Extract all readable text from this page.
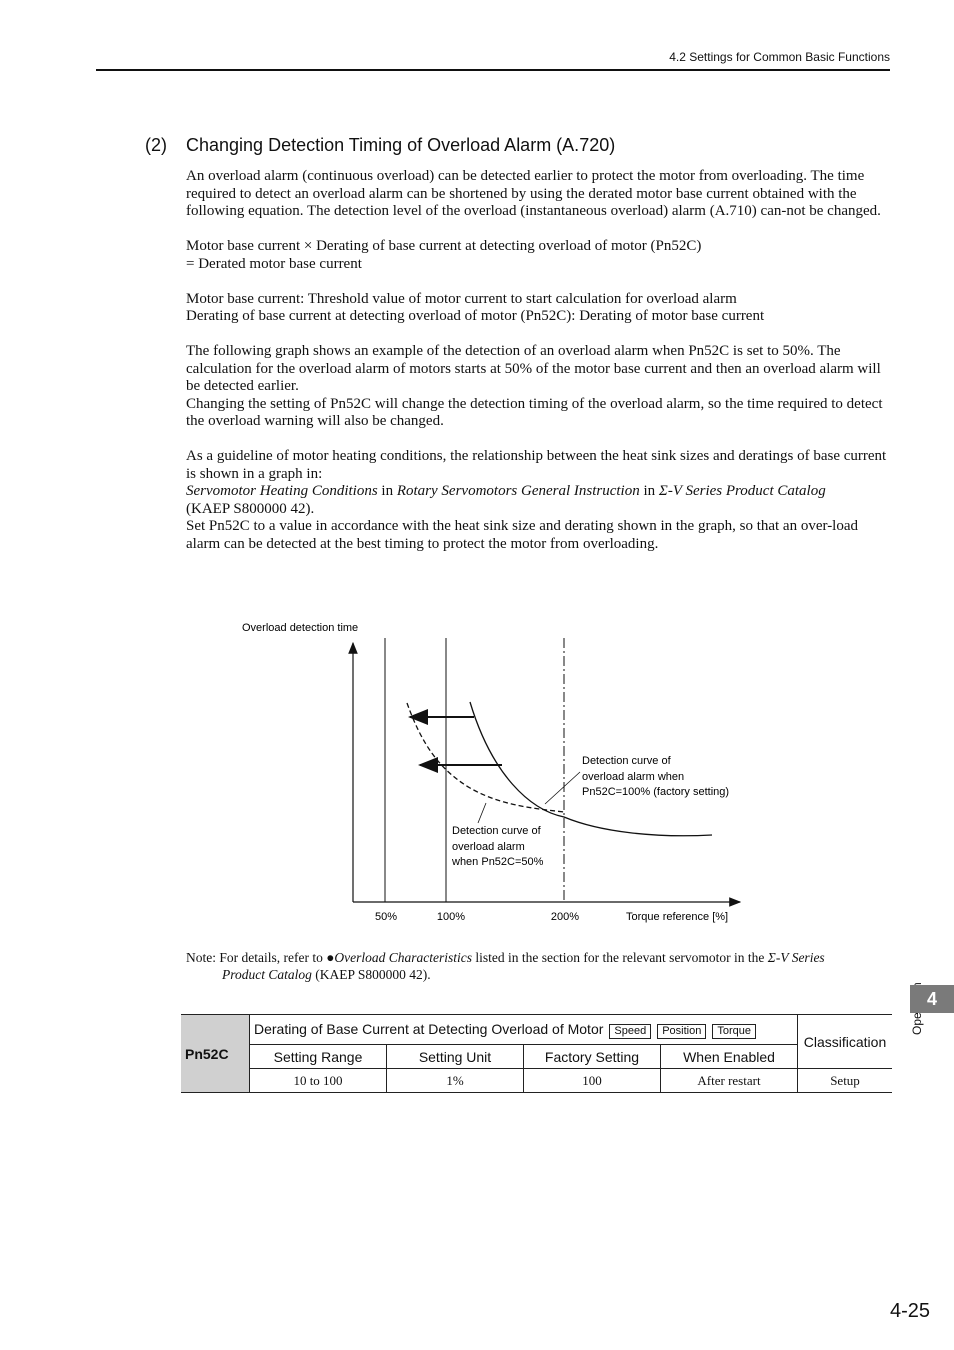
4.2 Settings for Common Basic Functions
(2) Changing Detection Timing of Overload Alarm (A.720)

An overload alarm (continuous overload) can be detected earlier to protect the motor from overloading. The time required to detect an overload alarm can be shortened by using the derated motor base current obtained with the following equation. The detection level of the overload (instantaneous overload) alarm (A.710) can-not be changed.

Motor base current × Derating of base current at detecting overload of motor (Pn52C)

= Derated motor base current

Motor base current: Threshold value of motor current to start calculation for overload alarm

Derating of base current at detecting overload of motor (Pn52C): Derating of motor base current

The following graph shows an example of the detection of an overload alarm when Pn52C is set to 50%. The calculation for the overload alarm of motors starts at 50% of the motor base current and then an overload alarm will be detected earlier.

Changing the setting of Pn52C will change the detection timing of the overload alarm, so the time required to detect the overload warning will also be changed.

As a guideline of motor heating conditions, the relationship between the heat sink sizes and deratings of base current is shown in a graph in:

Servomotor Heating Conditions in Rotary Servomotors General Instruction in Σ-V Series Product Catalog

(KAEP S800000 42).

Set Pn52C to a value in accordance with the heat sink size and derating shown in the graph, so that an over-load alarm can be detected at the best timing to protect the motor from overloading.

Overload detection time
Detection curve of overload alarm when Pn52C=100% (factory setting)
Detection curve of overload alarm when Pn52C=50%
50%	100%	200%	Torque reference [%]
Note: For details, refer to ●Overload Characteristics listed in the section for the relevant servomotor in the Σ-V Series
Product Catalog (KAEP S800000 42).
Pn52C	Derating of Base Current at Detecting Overload of Motor Speed Position Torque				Classification
	Setting Range	Setting Unit	Factory Setting	When Enabled	
	10 to 100	1%	100	After restart	Setup
4
4-25
